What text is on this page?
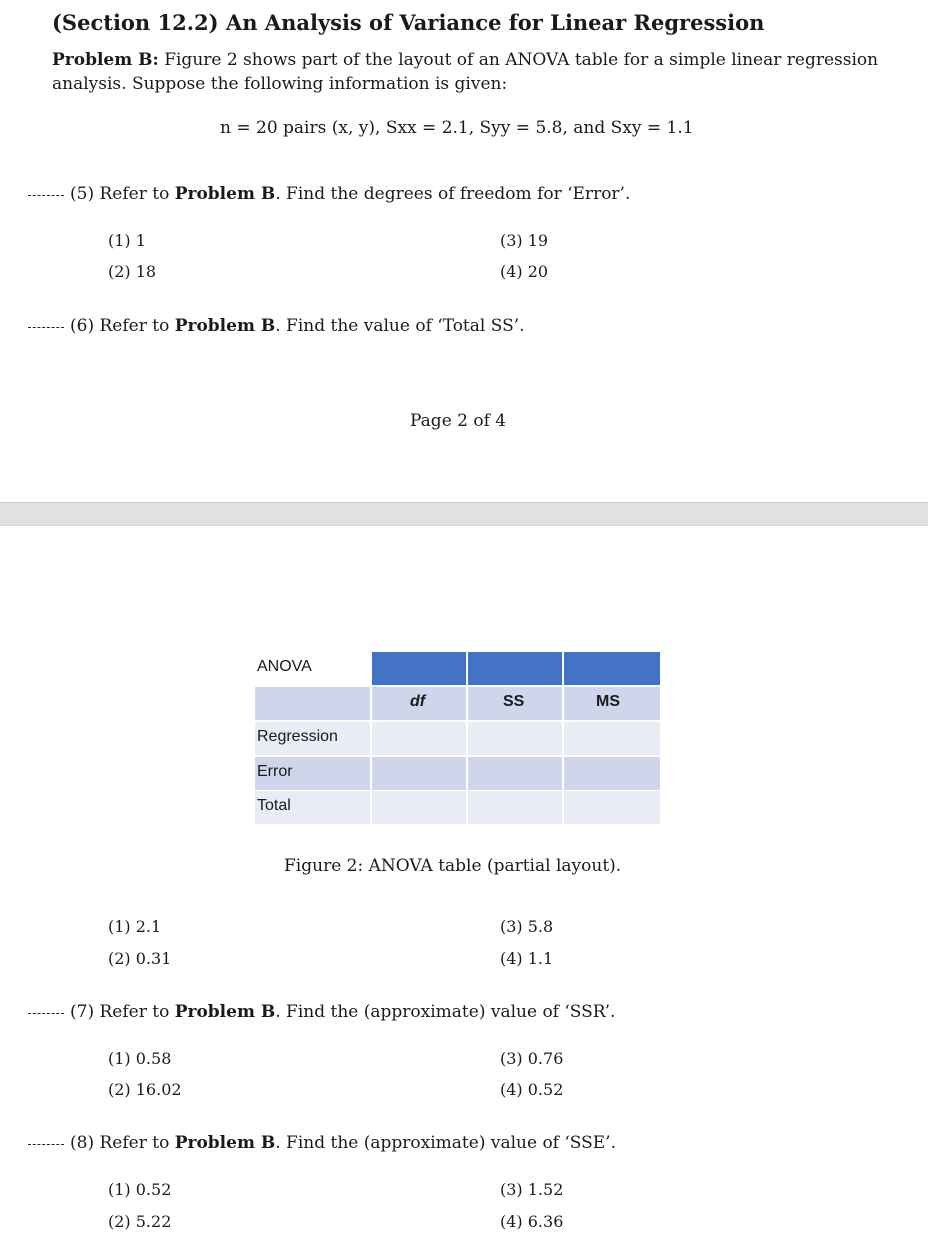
(Section 12.2) An Analysis of Variance for Linear Regression
Problem B: Figure 2 shows part of the layout of an ANOVA table for a simple linear regression
analysis. Suppose the following information is given:
n = 20 pairs (x, y), Sxx = 2.1, Syy = 5.8, and Sxy = 1.1
(5) Refer to Problem B. Find the degrees of freedom for ‘Error’.
(1) 1
(2) 18
(3) 19
(4) 20
(6) Refer to Problem B. Find the value of ‘Total SS’.
Page 2 of 4
ANOVA
df	SS	MS
Regression
Error
Total
Figure 2: ANOVA table (partial layout).
(1) 2.1
(2) 0.31
(3) 5.8
(4) 1.1
(7) Refer to Problem B. Find the (approximate) value of ‘SSR’.
(1) 0.58
(2) 16.02
(3) 0.76
(4) 0.52
(8) Refer to Problem B. Find the (approximate) value of ‘SSE’.
(1) 0.52
(2) 5.22
(3) 1.52
(4) 6.36
